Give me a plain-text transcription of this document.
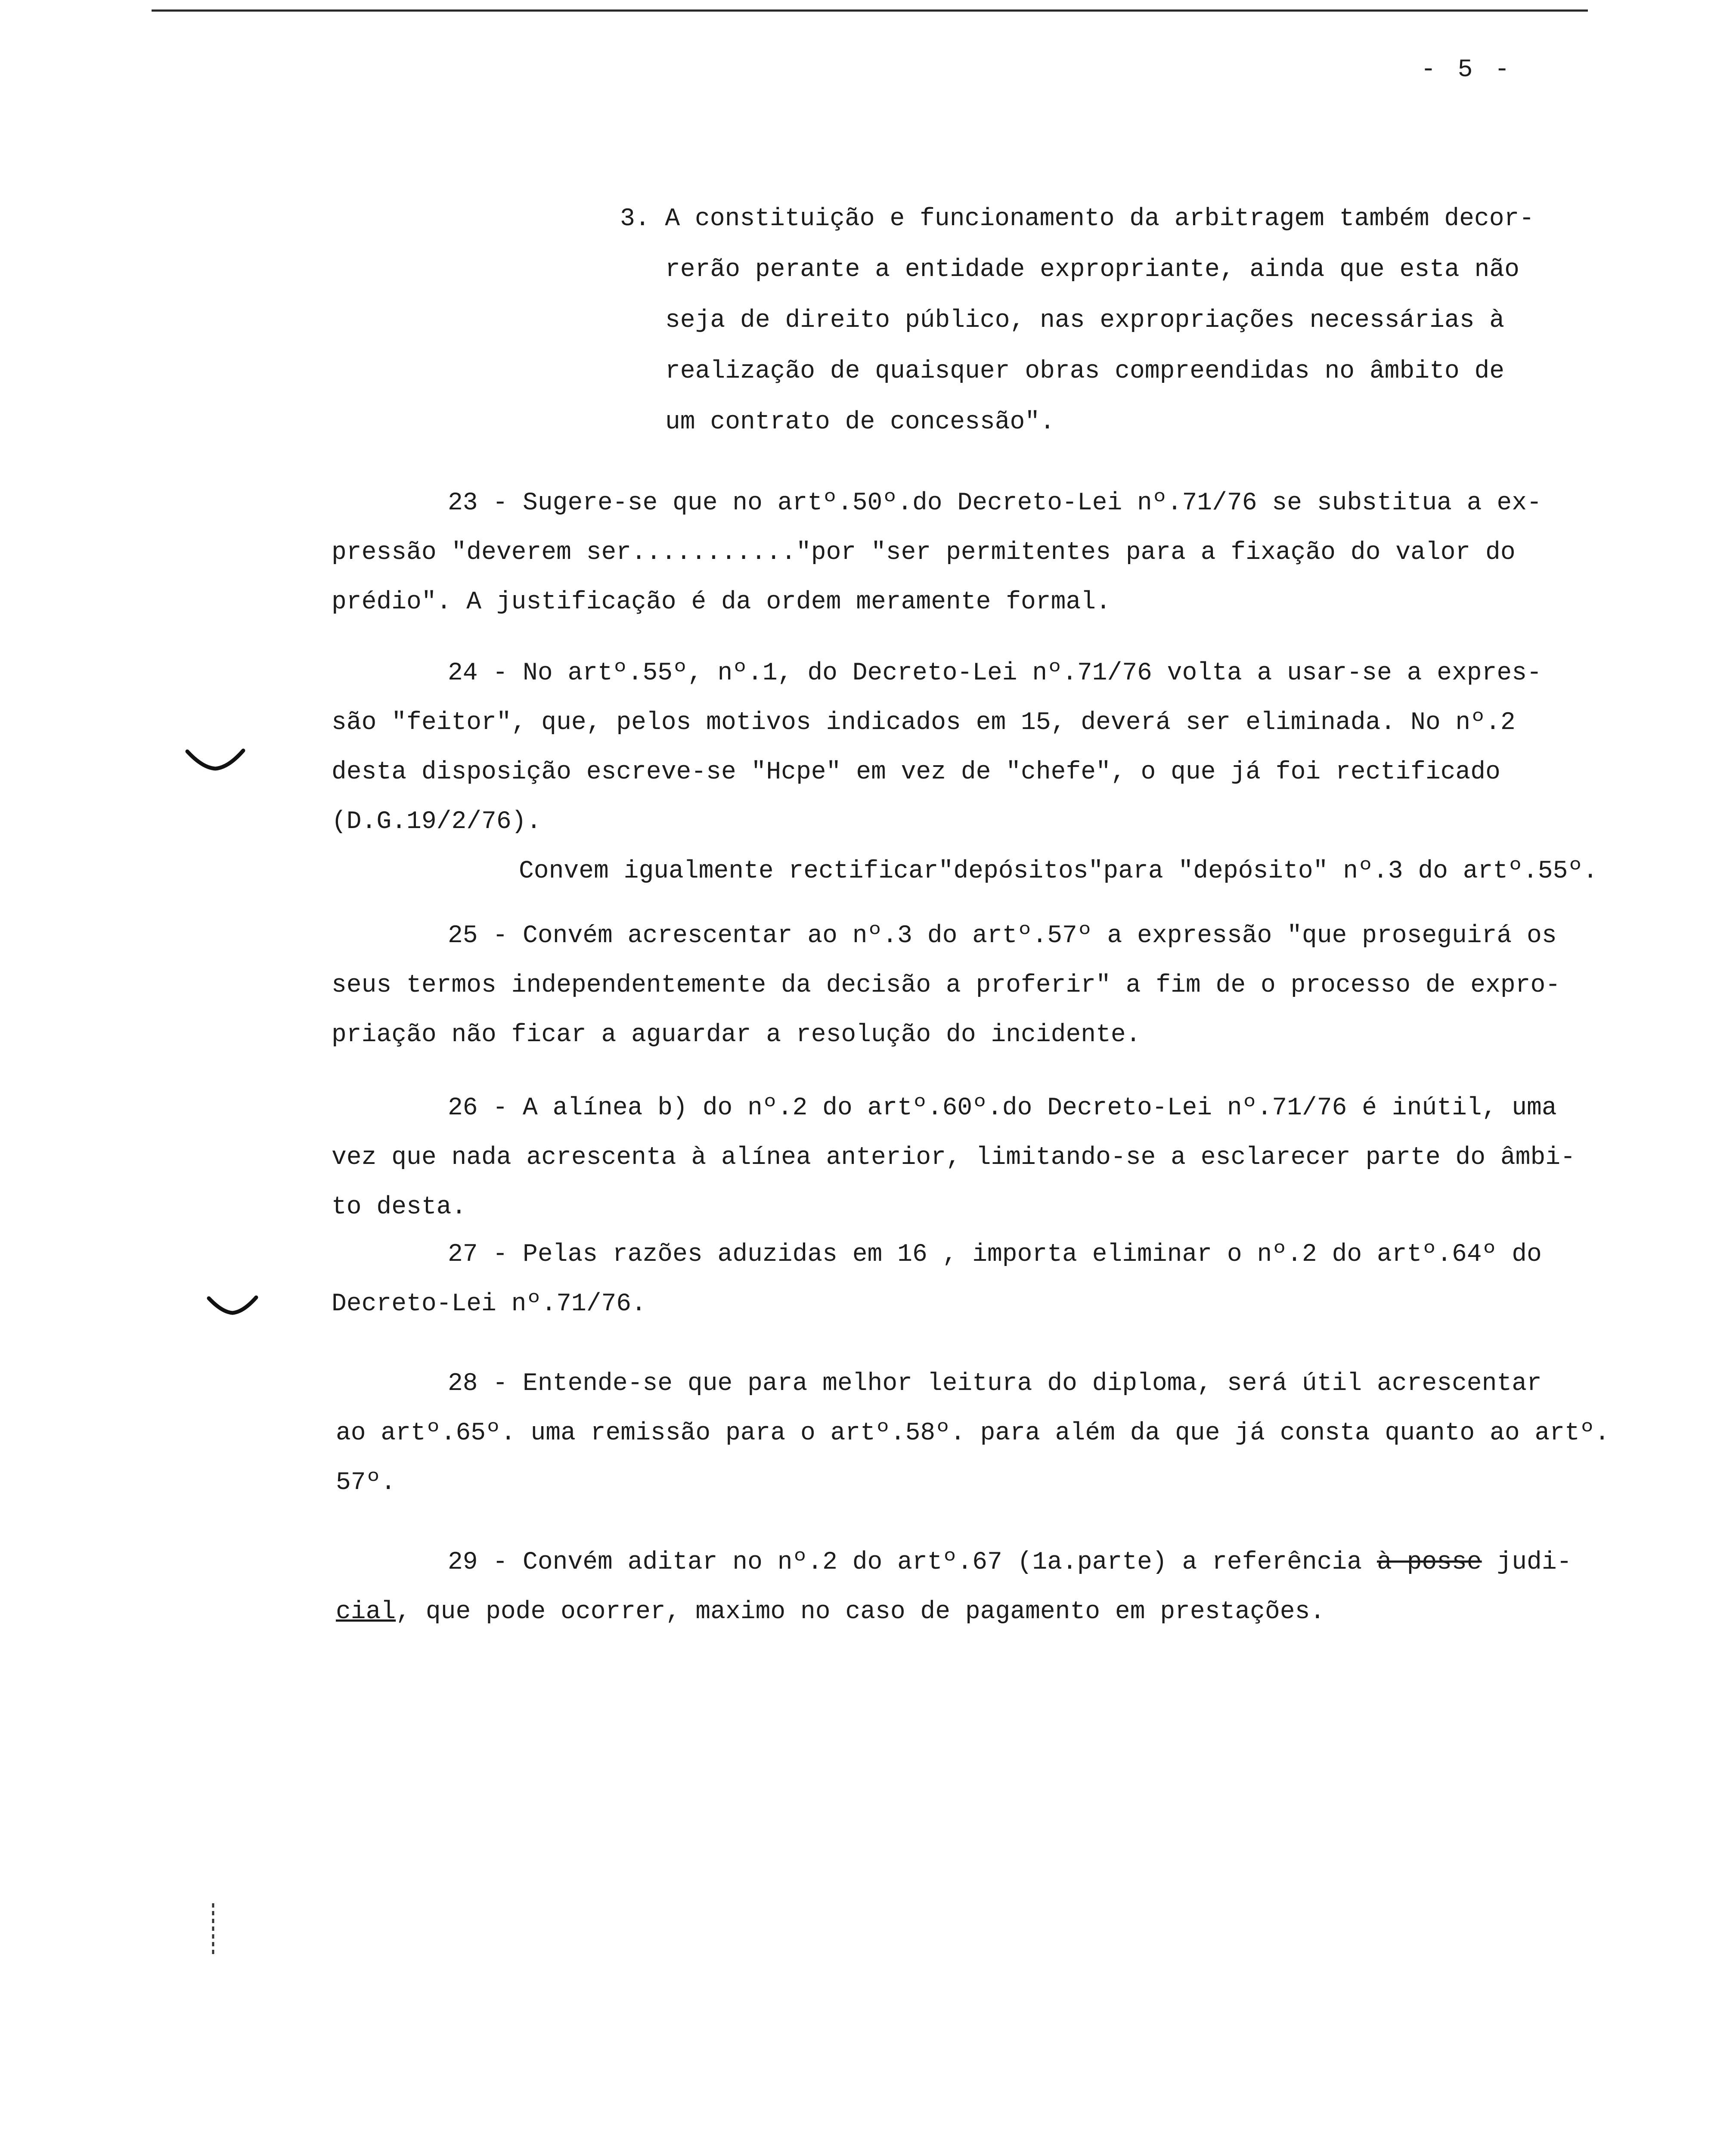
- 5 -
3. A constituição e funcionamento da arbitragem também decor-
rerão perante a entidade expropriante, ainda que esta não
seja de direito público, nas expropriações necessárias à
realização de quaisquer obras compreendidas no âmbito de
um contrato de concessão".
23 - Sugere-se que no artº.50º.do Decreto-Lei nº.71/76 se substitua a ex-
pressão "deverem ser..........."por "ser permitentes para a fixação do valor do
prédio". A justificação é da ordem meramente formal.
24 - No artº.55º, nº.1, do Decreto-Lei nº.71/76 volta a usar-se a expres-
são "feitor", que, pelos motivos indicados em 15, deverá ser eliminada. No nº.2
desta disposição escreve-se "Hcpe" em vez de "chefe", o que já foi rectificado
(D.G.19/2/76).
Convem igualmente rectificar"depósitos"para "depósito" nº.3 do artº.55º.
25 - Convém acrescentar ao nº.3 do artº.57º a expressão "que proseguirá os
seus termos independentemente da decisão a proferir" a fim de o processo de expro-
priação não ficar a aguardar a resolução do incidente.
26 - A alínea b) do nº.2 do artº.60º.do Decreto-Lei nº.71/76 é inútil, uma
vez que nada acrescenta à alínea anterior, limitando-se a esclarecer parte do âmbi-
to desta.
27 - Pelas razões aduzidas em 16 , importa eliminar o nº.2 do artº.64º do
Decreto-Lei nº.71/76.
28 - Entende-se que para melhor leitura do diploma, será útil acrescentar
ao artº.65º. uma remissão para o artº.58º. para além da que já consta quanto ao artº.
57º.
29 - Convém aditar no nº.2 do artº.67 (1a.parte) a referência à posse judi-
cial, que pode ocorrer, maximo no caso de pagamento em prestações.
